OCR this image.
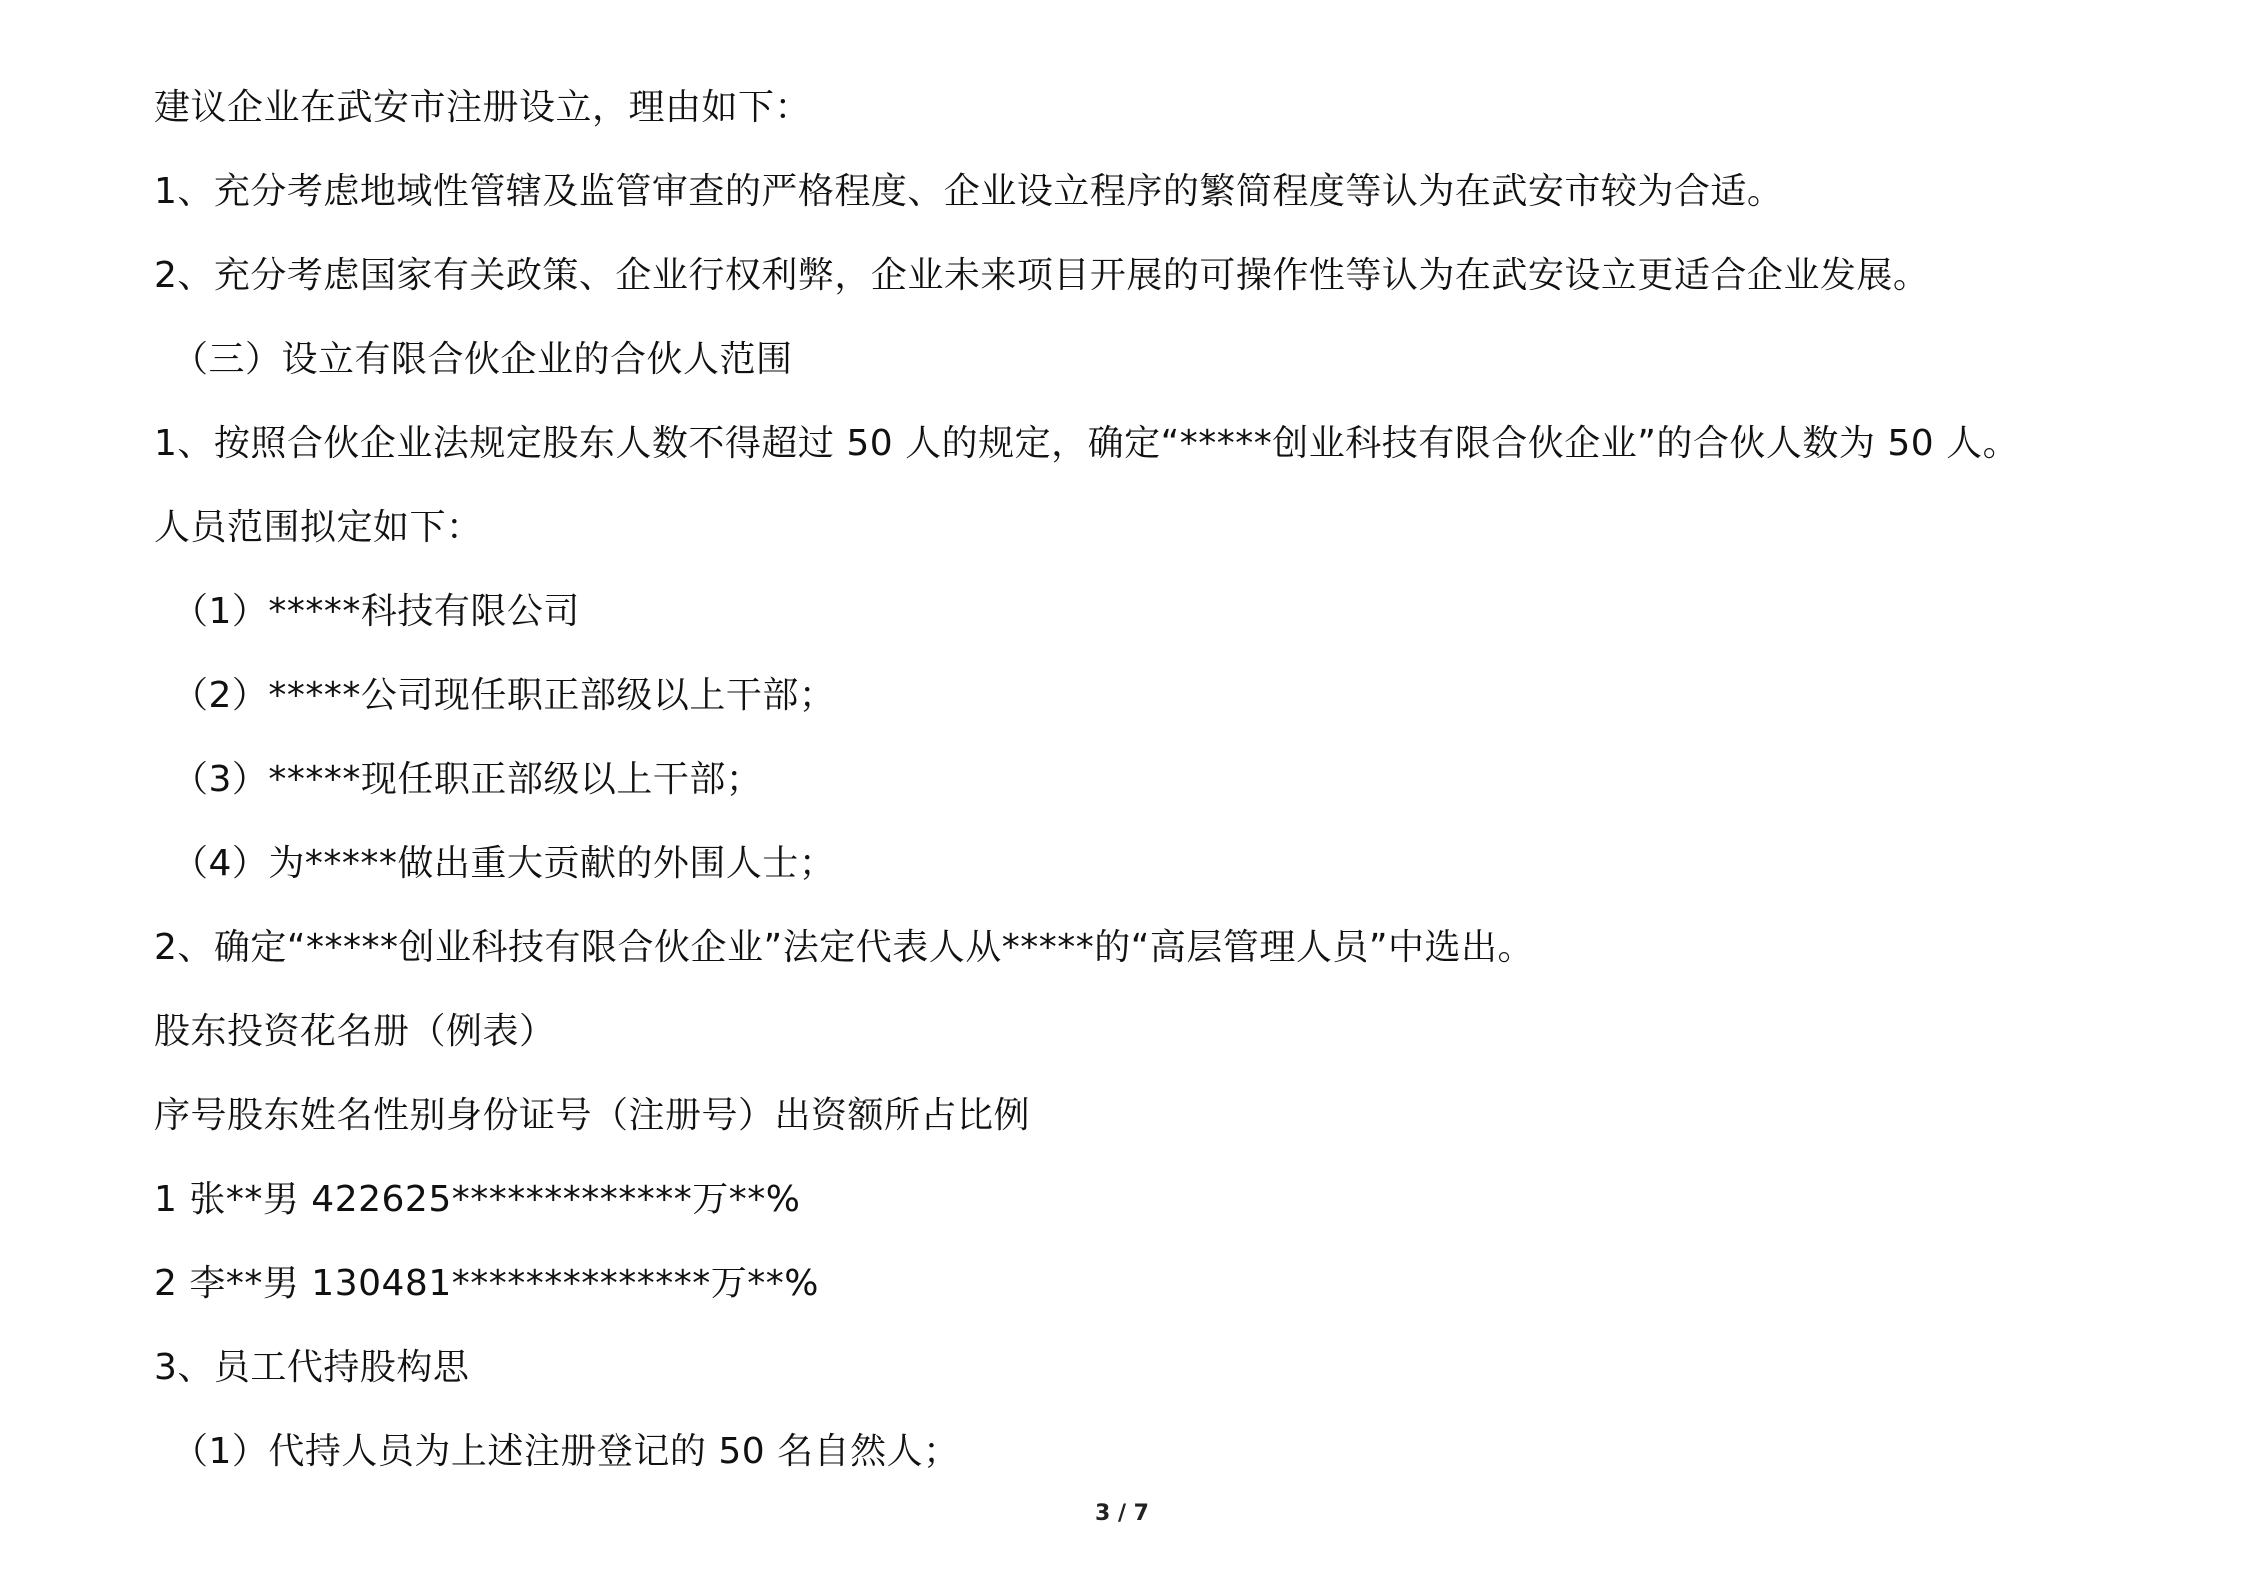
建议企业在武安市注册设立，理由如下：
1、充分考虑地域性管辖及监管审查的严格程度、企业设立程序的繁简程度等认为在武安市较为合适。
2、充分考虑国家有关政策、企业行权利弊，企业未来项目开展的可操作性等认为在武安设立更适合企业发展。
（三）设立有限合伙企业的合伙人范围
1、按照合伙企业法规定股东人数不得超过 50 人的规定，确定“*****创业科技有限合伙企业”的合伙人数为 50 人。
人员范围拟定如下：
（1）*****科技有限公司
（2）*****公司现任职正部级以上干部；
（3）*****现任职正部级以上干部；
（4）为*****做出重大贡献的外围人士；
2、确定“*****创业科技有限合伙企业”法定代表人从*****的“高层管理人员”中选出。
股东投资花名册（例表）
序号股东姓名性别身份证号（注册号）出资额所占比例
1 张**男 422625*************万**%
2 李**男 130481**************万**%
3、员工代持股构思
（1）代持人员为上述注册登记的 50 名自然人；
3 / 7
